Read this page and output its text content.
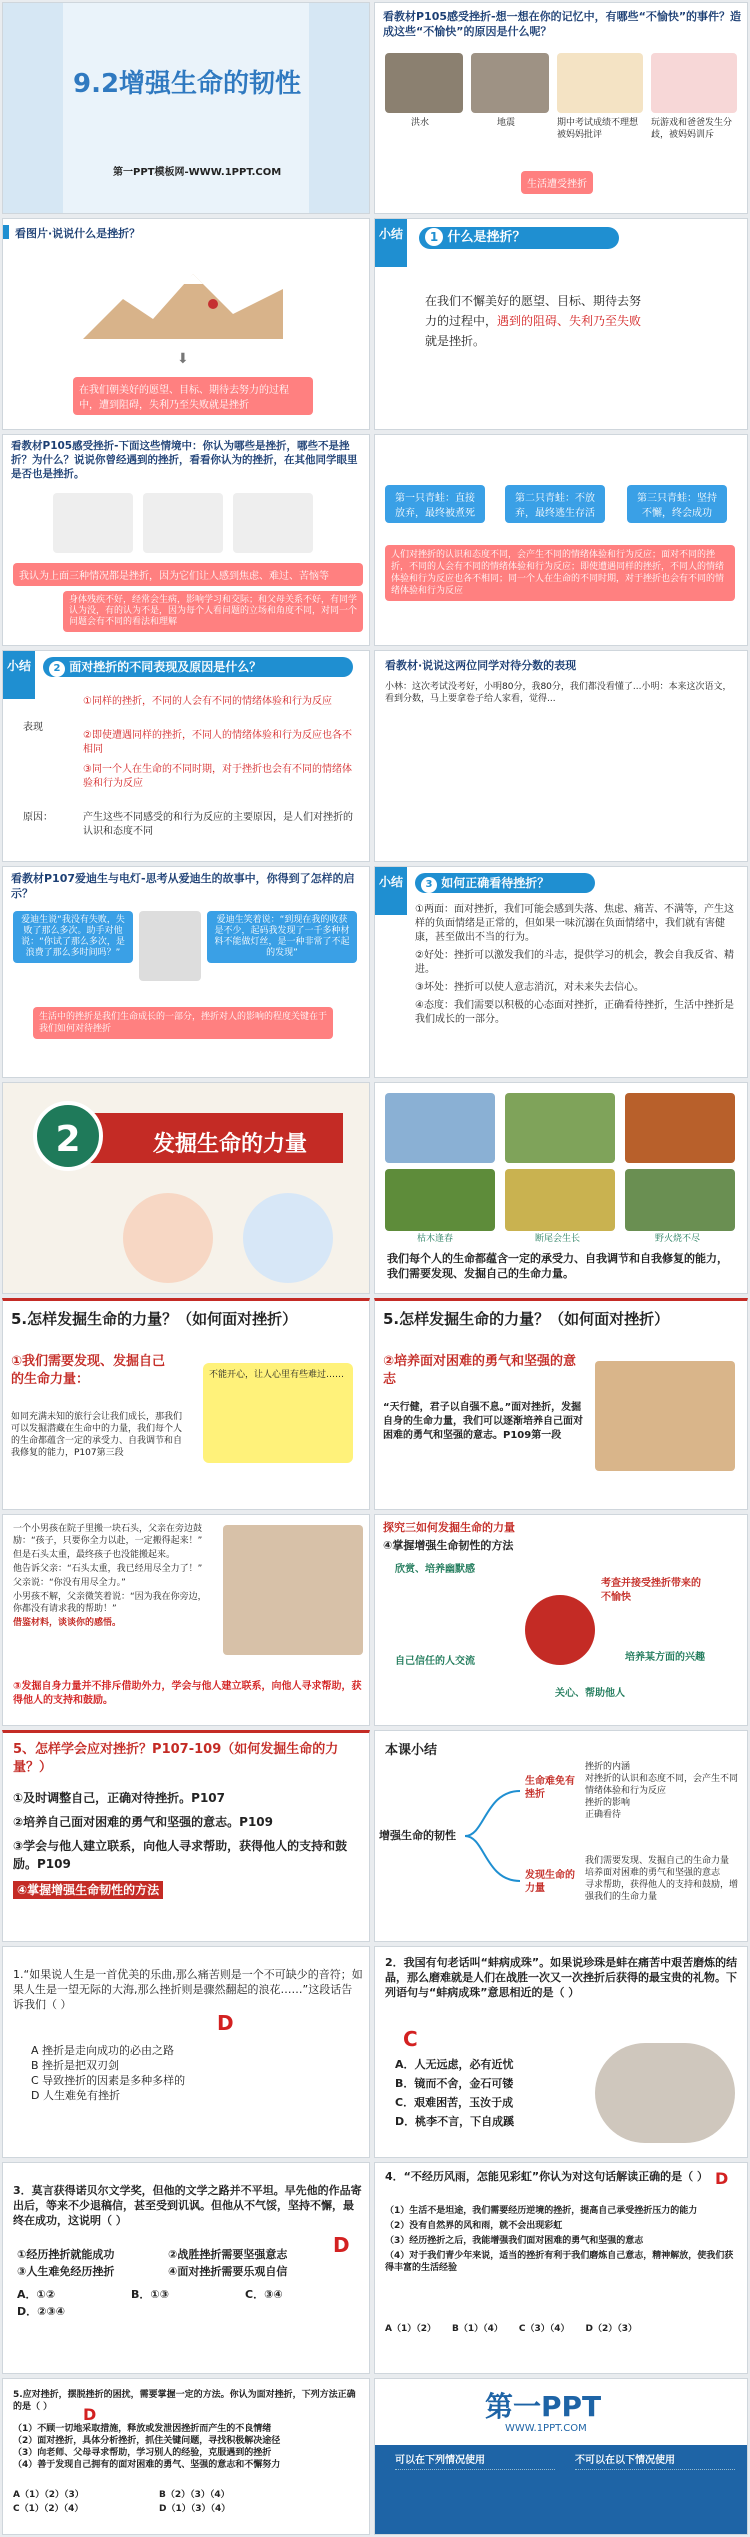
9.2增强生命的韧性
第一PPT模板网-WWW.1PPT.COM
看教材P105感受挫折-想一想在你的记忆中，有哪些“不愉快”的事件？造成这些“不愉快”的原因是什么呢？
洪水	地震	期中考试成绩不理想被妈妈批评
玩游戏和爸爸发生分歧，被妈妈训斥
生活遭受挫折
看图片·说说什么是挫折？
⬇
在我们朝美好的愿望、目标、期待去努力的过程中，遭到阻碍，失利乃至失败就是挫折
小结	1 什么是挫折？
在我们不懈美好的愿望、目标、期待去努
力的过程中，遇到的阻碍、失利乃至失败
就是挫折。
看教材P105感受挫折-下面这些情境中：你认为哪些是挫折，哪些不是挫折？为什么？说说你曾经遇到的挫折，看看你认为的挫折，在其他同学眼里是否也是挫折。
我认为上面三种情况都是挫折，因为它们让人感到焦虑、难过、苦恼等
身体残疾不好，经常会生病，影响学习和交际；和父母关系不好，有同学认为没，有的认为不是，因为每个人看问题的立场和角度不同，对同一个问题会有不同的看法和理解
第一只青蛙：直接放弃，最终被煮死
第二只青蛙：不放弃，最终逃生存活
第三只青蛙：坚持不懈，终会成功
人们对挫折的认识和态度不同，会产生不同的情绪体验和行为反应；面对不同的挫折，不同的人会有不同的情绪体验和行为反应；即使遭遇同样的挫折，不同人的情绪体验和行为反应也各不相同；同一个人在生命的不同时期，对于挫折也会有不同的情绪体验和行为反应
小结	2 面对挫折的不同表现及原因是什么？
表现
①同样的挫折，不同的人会有不同的情绪体验和行为反应
②即使遭遇同样的挫折，不同人的情绪体验和行为反应也各不相同
③同一个人在生命的不同时期，对于挫折也会有不同的情绪体验和行为反应
原因：	产生这些不同感受的和行为反应的主要原因，是人们对挫折的认识和态度不同
看教材·说说这两位同学对待分数的表现
小林：这次考试没考好，小明80分，我80分，我们都没看懂了...小明：本来这次语文，看到分数，马上要拿卷子给人家看，觉得...
看教材P107爱迪生与电灯-思考从爱迪生的故事中，你得到了怎样的启示？
爱迪生说“我没有失败，失败了那么多次。助手对他说：“你试了那么多次，是浪费了那么多时间吗？”
爱迪生笑着说：“到现在我的收获是不少，起码我发现了一千多种材料不能做灯丝，是一种非常了不起的发现”
生活中的挫折是我们生命成长的一部分，挫折对人的影响的程度关键在于我们如何对待挫折
小结	3 如何正确看待挫折？
①两面：面对挫折，我们可能会感到失落、焦虑、痛苦、不满等，产生这样的负面情绪是正常的，但如果一味沉溺在负面情绪中，我们就有害健康，甚至做出不当的行为。
②好处：挫折可以激发我们的斗志，提供学习的机会，教会自我反省、精进。
③坏处：挫折可以使人意志消沉，对未来失去信心。
④态度：我们需要以积极的心态面对挫折，正确看待挫折，生活中挫折是我们成长的一部分。
2	发掘生命的力量
枯木逢春	断尾会生长	野火烧不尽
我们每个人的生命都蕴含一定的承受力、自我调节和自我修复的能力，我们需要发现、发掘自己的生命力量。
5.怎样发掘生命的力量？（如何面对挫折）
①我们需要发现、发掘自己的生命力量：
如同充满未知的旅行会让我们成长，那我们可以发掘潜藏在生命中的力量，我们每个人的生命都蕴含一定的承受力、自我调节和自我修复的能力，P107第三段
不能开心，让人心里有些难过……
5.怎样发掘生命的力量？（如何面对挫折）
②培养面对困难的勇气和坚强的意志
“天行健，君子以自强不息。”面对挫折，发掘自身的生命力量，我们可以逐渐培养自己面对困难的勇气和坚强的意志。P109第一段
一个小男孩在院子里搬一块石头，父亲在旁边鼓励：“孩子，只要你全力以赴，一定搬得起来！”
但是石头太重，最终孩子也没能搬起来。
他告诉父亲：“石头太重，我已经用尽全力了！”
父亲说：“你没有用尽全力。”
小男孩不解，父亲微笑着说：“因为我在你旁边，你都没有请求我的帮助！”
借鉴材料，谈谈你的感悟。
③发掘自身力量并不排斥借助外力，学会与他人建立联系，向他人寻求帮助，获得他人的支持和鼓励。
探究三如何发掘生命的力量
④掌握增强生命韧性的方法
欣赏、培养幽默感
考查并接受挫折带来的不愉快
自己信任的人交流	培养某方面的兴趣
关心、帮助他人
5、怎样学会应对挫折？P107-109（如何发掘生命的力量？）
①及时调整自己，正确对待挫折。P107
②培养自己面对困难的勇气和坚强的意志。P109
③学会与他人建立联系，向他人寻求帮助，获得他人的支持和鼓励。P109
④掌握增强生命韧性的方法
本课小结
增强生命的韧性
生命难免有挫折
发现生命的力量
挫折的内涵
对挫折的认识和态度不同，会产生不同情绪体验和行为反应
挫折的影响
正确看待
我们需要发现、发掘自己的生命力量
培养面对困难的勇气和坚强的意志
寻求帮助，获得他人的支持和鼓励，增强我们的生命力量
1.“如果说人生是一首优美的乐曲,那么痛苦则是一个不可缺少的音符；如果人生是一望无际的大海,那么挫折则是骤然翻起的浪花……”这段话告诉我们（ ）
D
A 挫折是走向成功的必由之路
B 挫折是把双刃剑
C 导致挫折的因素是多种多样的
D 人生难免有挫折
2．我国有句老话叫“蚌病成珠”。如果说珍珠是蚌在痛苦中艰苦磨炼的结晶，那么磨难就是人们在战胜一次又一次挫折后获得的最宝贵的礼物。下列语句与“蚌病成珠”意思相近的是（ ）
C
A．人无远虑，必有近忧
B．镜而不舍，金石可镂
C．艰难困苦，玉汝于成
D．桃李不言，下自成蹊
3．莫言获得诺贝尔文学奖，但他的文学之路并不平坦。早先他的作品寄出后，等来不少退稿信，甚至受到讥讽。但他从不气馁，坚持不懈，最终在成功，这说明（ ）
D
①经历挫折就能成功	②战胜挫折需要坚强意志
③人生难免经历挫折	④面对挫折需要乐观自信
A．①②	B．①③	C．③④
D．②③④
4．“不经历风雨，怎能见彩虹”你认为对这句话解读正确的是（ ） D
（1）生活不是坦途，我们需要经历逆境的挫折，提高自己承受挫折压力的能力
（2）没有自然界的风和雨，就不会出现彩虹
（3）经历挫折之后，我能增强我们面对困难的勇气和坚强的意志
（4）对于我们青少年来说，适当的挫折有利于我们磨炼自己意志，精神解放，使我们获得丰富的生活经验
A（1）（2） B（1）（4） C（3）（4） D（2）（3）
5.应对挫折，摆脱挫折的困扰，需要掌握一定的方法。你认为面对挫折，下列方法正确的是（ ）	D
（1）不顾一切地采取措施，释放或发泄因挫折而产生的不良情绪
（2）面对挫折，具体分析挫折，抓住关键问题，寻找积极解决途径
（3）向老师、父母寻求帮助，学习别人的经验，克服遇到的挫折
（4）善于发现自己拥有的面对困难的勇气、坚强的意志和不懈努力
A（1）（2）（3）	B（2）（3）（4）
C（1）（2）（4）	D（1）（3）（4）
第一PPT
WWW.1PPT.COM
可以在下列情况使用	不可以在以下情况使用
